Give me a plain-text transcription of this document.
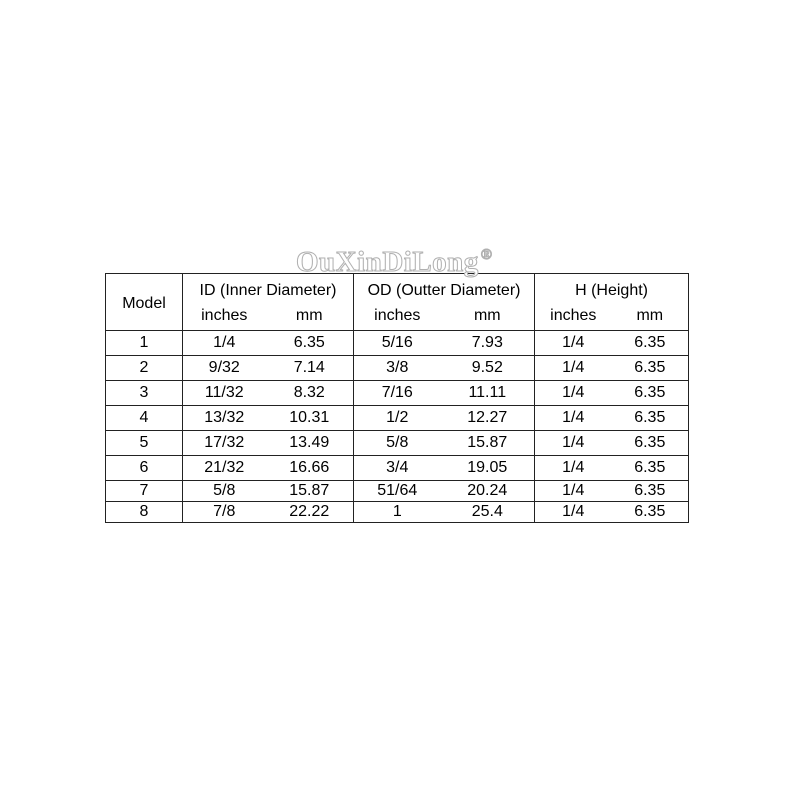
OuXinDiLong ®
Model	ID (Inner Diameter)		OD (Outter Diameter)		H (Height)	
	inches	mm	inches	mm	inches	mm
1	1/4	6.35	5/16	7.93	1/4	6.35
2	9/32	7.14	3/8	9.52	1/4	6.35
3	11/32	8.32	7/16	11.11	1/4	6.35
4	13/32	10.31	1/2	12.27	1/4	6.35
5	17/32	13.49	5/8	15.87	1/4	6.35
6	21/32	16.66	3/4	19.05	1/4	6.35
7	5/8	15.87	51/64	20.24	1/4	6.35
8	7/8	22.22	1	25.4	1/4	6.35
